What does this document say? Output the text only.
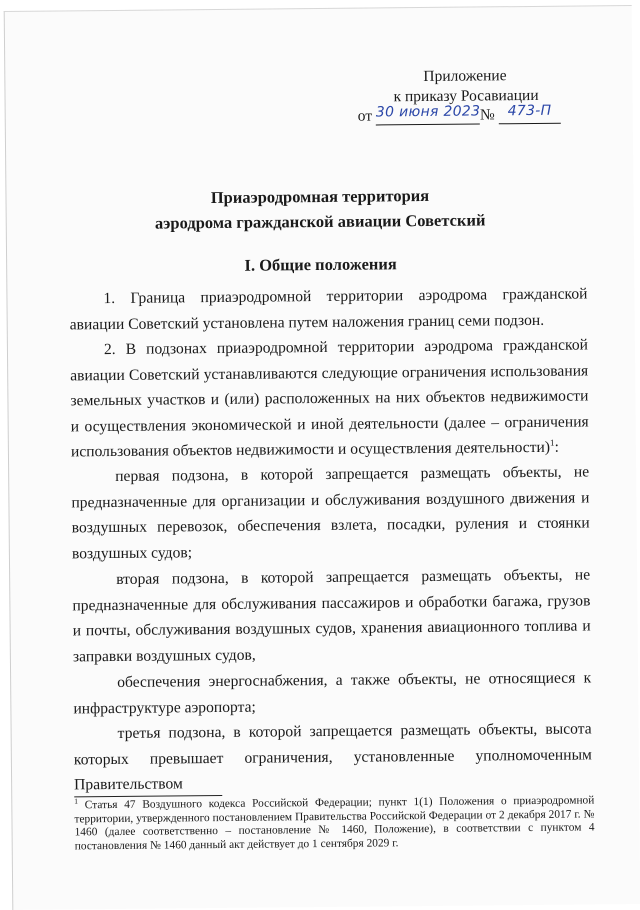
Приложение
к приказу Росавиации
от 30 июня 2023№ 473-П
Приаэродромная территория
аэродрома гражданской авиации Советский
I. Общие положения
1. Граница приаэродромной территории аэродрома гражданской авиации Советский установлена путем наложения границ семи подзон.
2. В подзонах приаэродромной территории аэродрома гражданской авиации Советский устанавливаются следующие ограничения использования земельных участков и (или) расположенных на них объектов недвижимости и осуществления экономической и иной деятельности (далее – ограничения использования объектов недвижимости и осуществления деятельности)$^1$:
первая подзона, в которой запрещается размещать объекты, не предназначенные для организации и обслуживания воздушного движения и воздушных перевозок, обеспечения взлета, посадки, руления и стоянки воздушных судов;
вторая подзона, в которой запрещается размещать объекты, не предназначенные для обслуживания пассажиров и обработки багажа, грузов и почты, обслуживания воздушных судов, хранения авиационного топлива и заправки воздушных судов,
обеспечения энергоснабжения, а также объекты, не относящиеся к инфраструктуре аэропорта;
третья подзона, в которой запрещается размещать объекты, высота которых превышает ограничения, установленные уполномоченным Правительством
$^1$ Статья 47 Воздушного кодекса Российской Федерации; пункт 1(1) Положения о приаэродромной территории, утвержденного постановлением Правительства Российской Федерации от 2 декабря 2017 г. № 1460 (далее соответственно – постановление № 1460, Положение), в соответствии с пунктом 4 постановления № 1460 данный акт действует до 1 сентября 2029 г.
